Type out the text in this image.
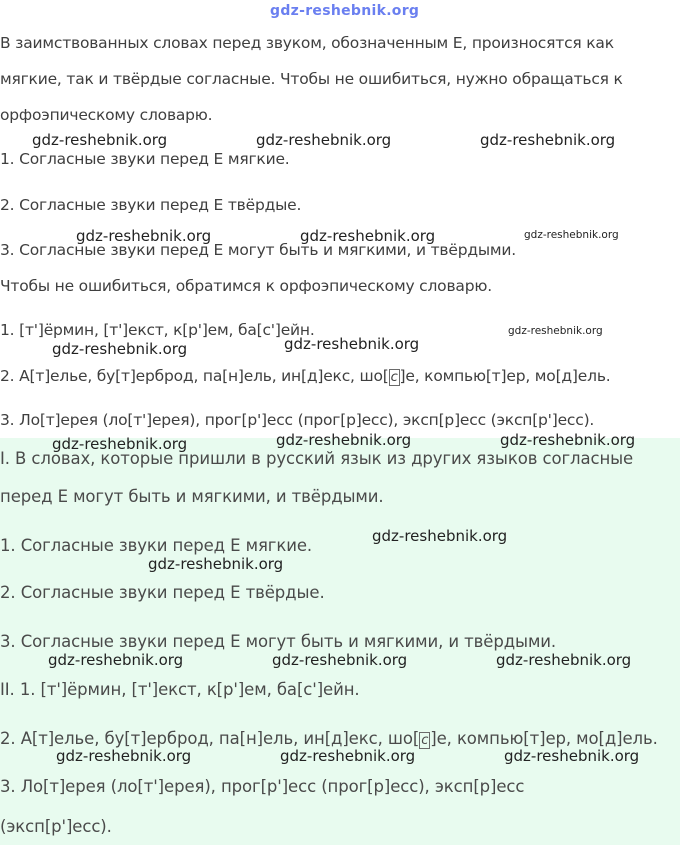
gdz-reshebnik.org
В заимствованных словах перед звуком, обозначенным Е, произносятся как
мягкие, так и твёрдые согласные. Чтобы не ошибиться, нужно обращаться к
орфоэпическому словарю.
1. Согласные звуки перед Е мягкие.
2. Согласные звуки перед Е твёрдые.
3. Согласные звуки перед Е могут быть и мягкими, и твёрдыми.
Чтобы не ошибиться, обратимся к орфоэпическому словарю.
1. [т']ёрмин, [т']екст, к[р']ем, ба[с']ейн.
2. А[т]елье, бу[т]ерброд, па[н]ель, ин[д]екс, шо[ с ]е, компью[т]ер, мо[д]ель.
3. Ло[т]ерея (ло[т']ерея), прог[р']есс (прог[р]есс), эксп[р]есс (эксп[р']есс).
I. В словах, которые пришли в русский язык из других языков согласные
перед Е могут быть и мягкими, и твёрдыми.
1. Согласные звуки перед Е мягкие.
2. Согласные звуки перед Е твёрдые.
3. Согласные звуки перед Е могут быть и мягкими, и твёрдыми.
II. 1. [т']ёрмин, [т']екст, к[р']ем, ба[с']ейн.
2. А[т]елье, бу[т]ерброд, па[н]ель, ин[д]екс, шо[ с ]е, компью[т]ер, мо[д]ель.
3. Ло[т]ерея (ло[т']ерея), прог[р']есс (прог[р]есс), эксп[р]есс
(эксп[р']есс).
gdz-reshebnik.org	gdz-reshebnik.org	gdz-reshebnik.org
gdz-reshebnik.org	gdz-reshebnik.org	gdz-reshebnik.org
gdz-reshebnik.org
gdz-reshebnik.org	gdz-reshebnik.org
gdz-reshebnik.org	gdz-reshebnik.org	gdz-reshebnik.org
gdz-reshebnik.org
gdz-reshebnik.org
gdz-reshebnik.org	gdz-reshebnik.org	gdz-reshebnik.org
gdz-reshebnik.org	gdz-reshebnik.org	gdz-reshebnik.org
